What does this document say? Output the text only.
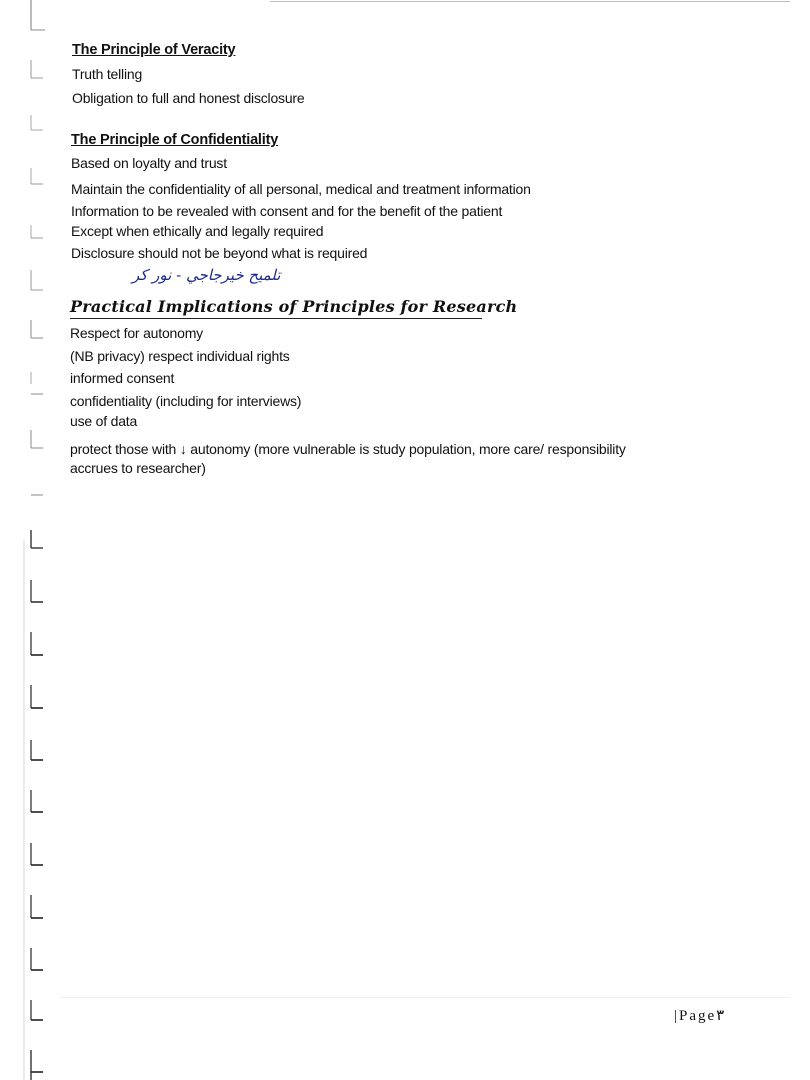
The Principle of Veracity
Truth telling
Obligation to full and honest disclosure
The Principle of Confidentiality
Based on loyalty and trust
Maintain the confidentiality of all personal, medical and treatment information
Information to be revealed with consent and for the benefit of the patient
Except when ethically and legally required
Disclosure should not be beyond what is required
تلميح خيرجاجي - نور كر
Practical Implications of Principles for Research
Respect for autonomy
(NB privacy) respect individual rights
informed consent
confidentiality (including for interviews)
use of data
protect those with ↓ autonomy (more vulnerable is study population, more care/ responsibility
accrues to researcher)
|Page٣
